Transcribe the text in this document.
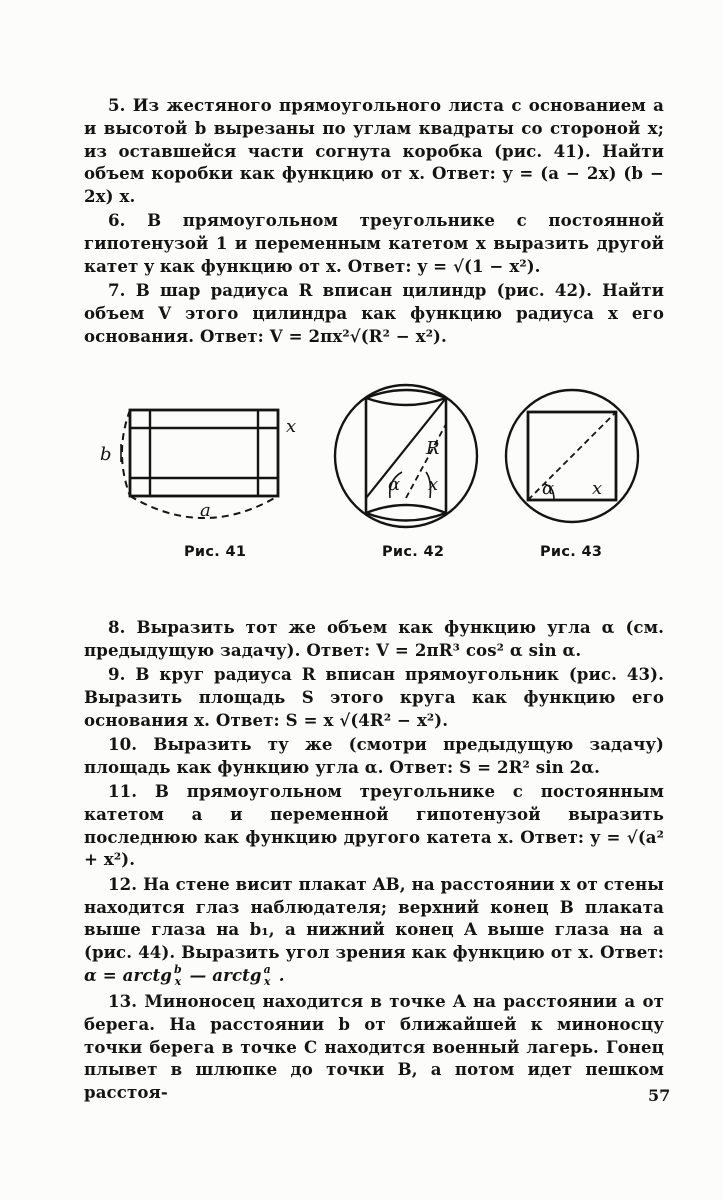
5. Из жестяного прямоугольного листа с основанием a и высотой b вырезаны по углам квадраты со стороной x; из оставшейся части согнута коробка (рис. 41). Найти объем коробки как функцию от x. Ответ: y = (a − 2x) (b − 2x) x.

6. В прямоугольном треугольнике с постоянной гипотенузой 1 и переменным катетом x выразить другой катет y как функцию от x. Ответ: y = √(1 − x²).

7. В шар радиуса R вписан цилиндр (рис. 42). Найти объем V этого цилиндра как функцию радиуса x его основания. Ответ: V = 2πx²√(R² − x²).

x
b
a
R
α x	α x
Рис. 41	Рис. 42	Рис. 43

8. Выразить тот же объем как функцию угла α (см. предыдущую задачу). Ответ: V = 2πR³ cos² α sin α.

9. В круг радиуса R вписан прямоугольник (рис. 43). Выразить площадь S этого круга как функцию его основания x. Ответ: S = x √(4R² − x²).

10. Выразить ту же (смотри предыдущую задачу) площадь как функцию угла α. Ответ: S = 2R² sin 2α.

11. В прямоугольном треугольнике с постоянным катетом a и переменной гипотенузой выразить последнюю как функцию другого катета x. Ответ: y = √(a² + x²).

12. На стене висит плакат AB, на расстоянии x от стены находится глаз наблюдателя; верхний конец B плаката выше глаза на b₁, а нижний конец A выше глаза на a (рис. 44). Выразить угол зрения как функцию от x. Ответ: α = arctg b
x — arctg a
x .

13. Миноносец находится в точке A на расстоянии a от берега. На расстоянии b от ближайшей к миноносцу точки берега в точке C находится военный лагерь. Гонец плывет в шлюпке до точки B, а потом идет пешком расстоя-	57
